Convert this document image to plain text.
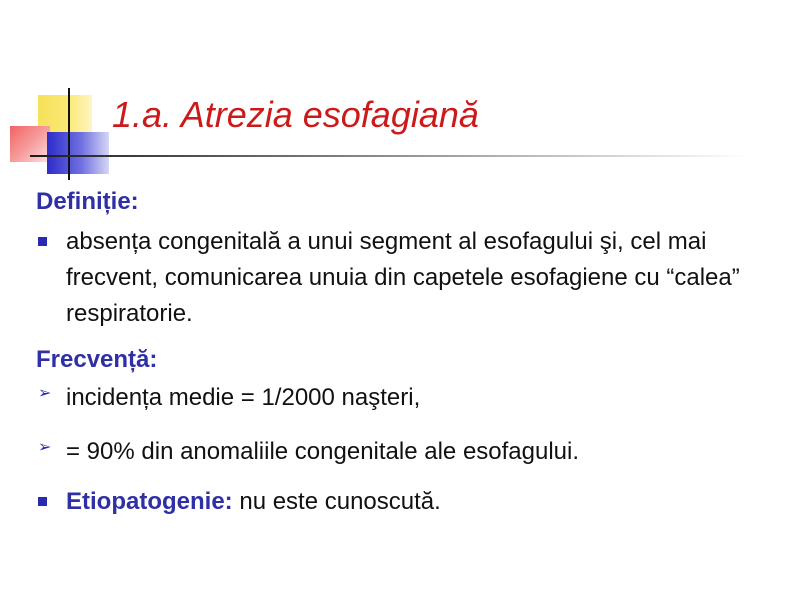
1.a. Atrezia esofagiană

Definiție:

absența congenitală a unui segment al esofagului şi, cel mai frecvent, comunicarea unuia din capetele esofagiene cu “calea” respiratorie.

Frecvență:

➢ incidența medie = 1/2000 naşteri,
➢ = 90% din anomaliile congenitale ale esofagului.
Etiopatogenie: nu este cunoscută.
